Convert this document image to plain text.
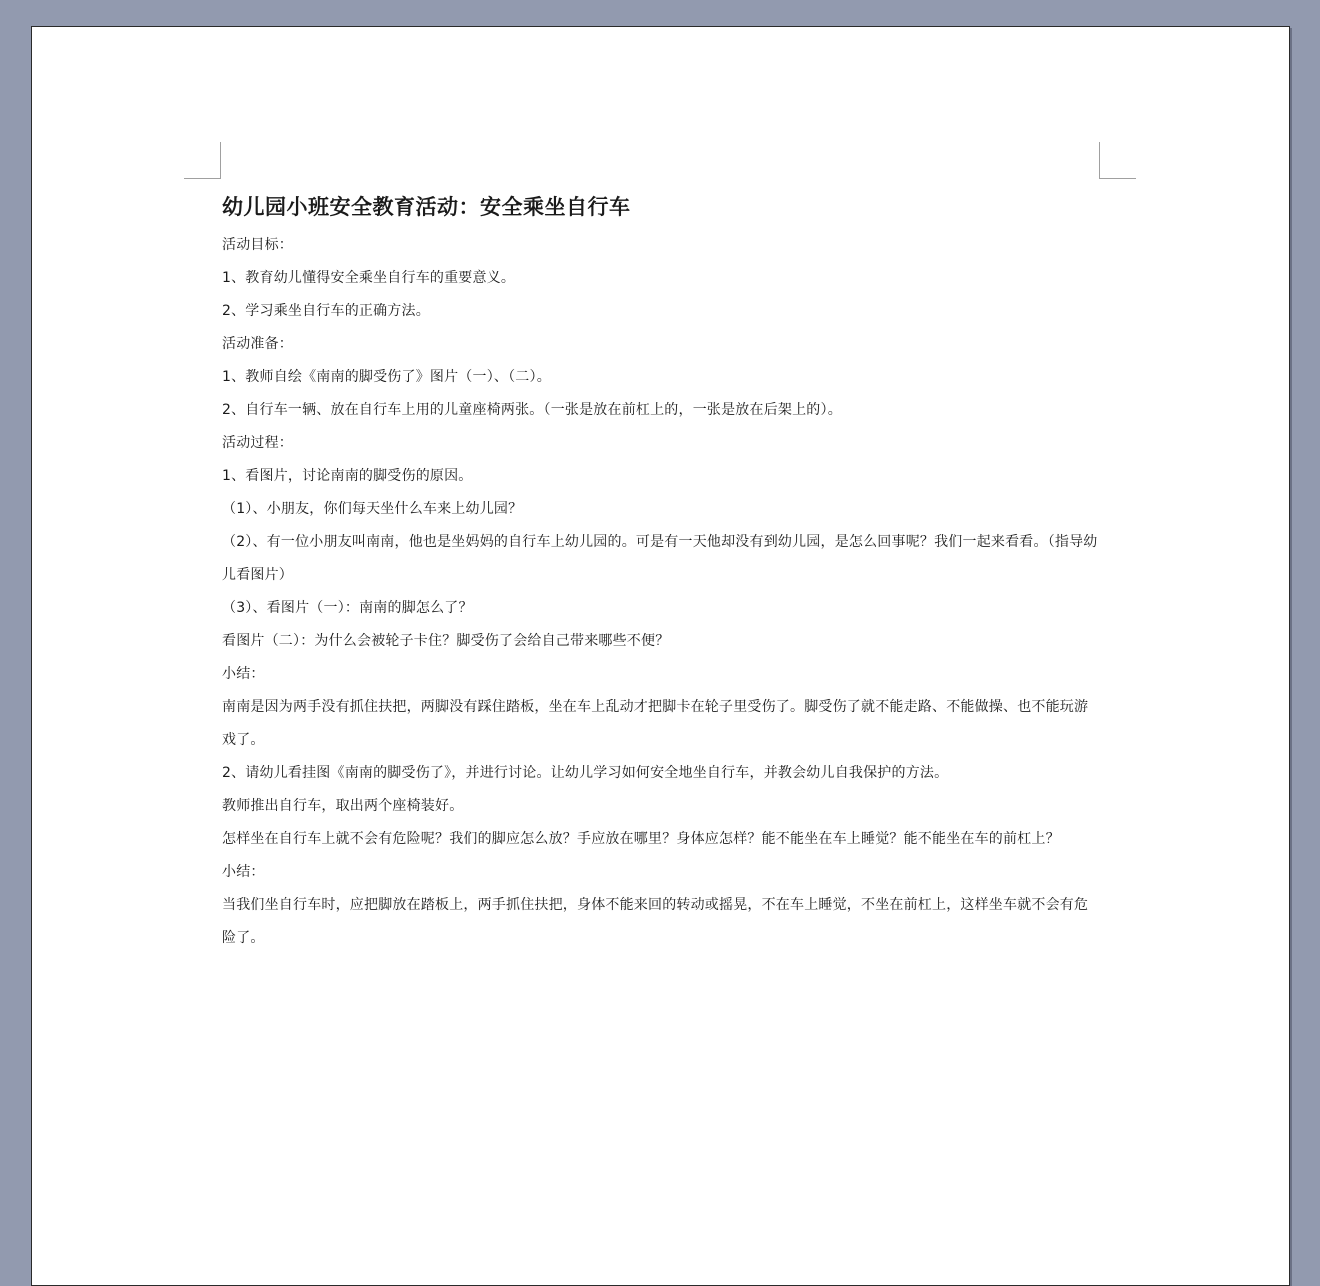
幼儿园小班安全教育活动：安全乘坐自行车

活动目标：

1、教育幼儿懂得安全乘坐自行车的重要意义。

2、学习乘坐自行车的正确方法。

活动准备：

1、教师自绘《南南的脚受伤了》图片（一）、（二）。

2、自行车一辆、放在自行车上用的儿童座椅两张。（一张是放在前杠上的，一张是放在后架上的）。

活动过程：

1、看图片，讨论南南的脚受伤的原因。

（1）、小朋友，你们每天坐什么车来上幼儿园？

（2）、有一位小朋友叫南南，他也是坐妈妈的自行车上幼儿园的。可是有一天他却没有到幼儿园，是怎么回事呢？我们一起来看看。（指导幼儿看图片）

（3）、看图片（一）：南南的脚怎么了？

看图片（二）：为什么会被轮子卡住？脚受伤了会给自己带来哪些不便？

小结：

南南是因为两手没有抓住扶把，两脚没有踩住踏板，坐在车上乱动才把脚卡在轮子里受伤了。脚受伤了就不能走路、不能做操、也不能玩游戏了。

2、请幼儿看挂图《南南的脚受伤了》，并进行讨论。让幼儿学习如何安全地坐自行车，并教会幼儿自我保护的方法。

教师推出自行车，取出两个座椅装好。

怎样坐在自行车上就不会有危险呢？我们的脚应怎么放？手应放在哪里？身体应怎样？能不能坐在车上睡觉？能不能坐在车的前杠上？

小结：

当我们坐自行车时，应把脚放在踏板上，两手抓住扶把，身体不能来回的转动或摇晃，不在车上睡觉，不坐在前杠上，这样坐车就不会有危险了。
